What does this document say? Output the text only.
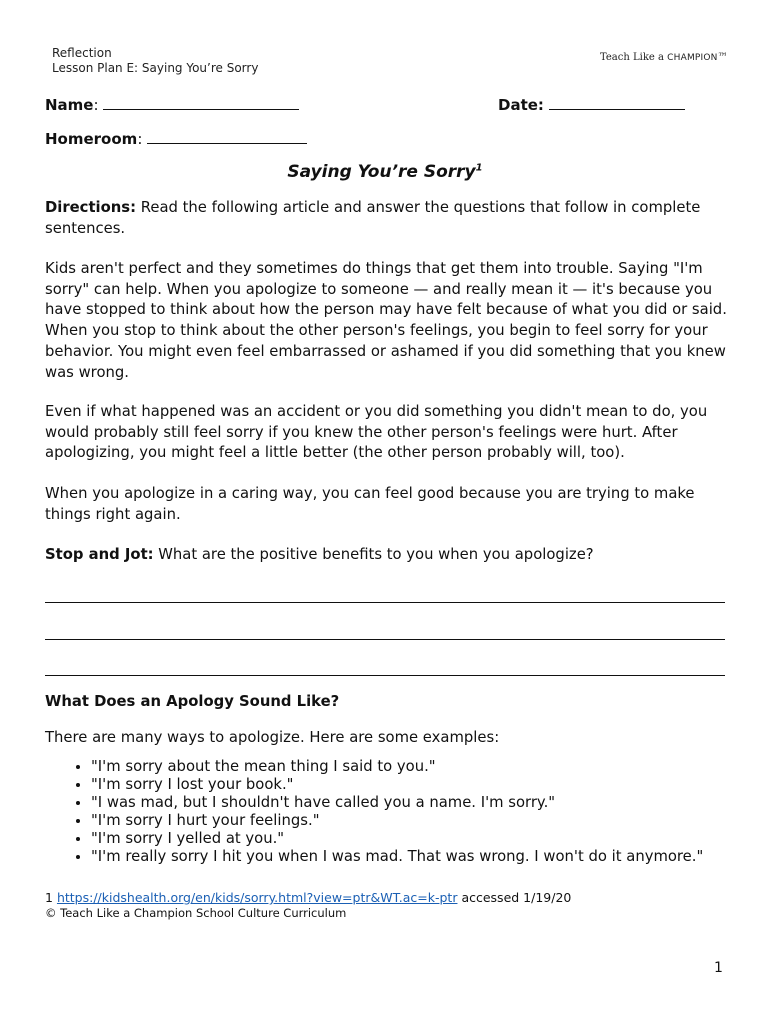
Reflection
Lesson Plan E: Saying You’re Sorry
Teach Like a CHAMPION™
Name:	Date:
Homeroom:
Saying You’re Sorry$^1$

Directions: Read the following article and answer the questions that follow in complete sentences.

Kids aren't perfect and they sometimes do things that get them into trouble. Saying "I'm sorry" can help. When you apologize to someone — and really mean it — it's because you have stopped to think about how the person may have felt because of what you did or said. When you stop to think about the other person's feelings, you begin to feel sorry for your behavior. You might even feel embarrassed or ashamed if you did something that you knew was wrong.

Even if what happened was an accident or you did something you didn't mean to do, you would probably still feel sorry if you knew the other person's feelings were hurt. After apologizing, you might feel a little better (the other person probably will, too).

When you apologize in a caring way, you can feel good because you are trying to make things right again.

Stop and Jot: What are the positive benefits to you when you apologize?

What Does an Apology Sound Like?

There are many ways to apologize. Here are some examples:

• "I'm sorry about the mean thing I said to you."
• "I'm sorry I lost your book."
• "I was mad, but I shouldn't have called you a name. I'm sorry."
• "I'm sorry I hurt your feelings."
• "I'm sorry I yelled at you."
• "I'm really sorry I hit you when I was mad. That was wrong. I won't do it anymore."
1 https://kidshealth.org/en/kids/sorry.html?view=ptr&WT.ac=k-ptr accessed 1/19/20
© Teach Like a Champion School Culture Curriculum
1
